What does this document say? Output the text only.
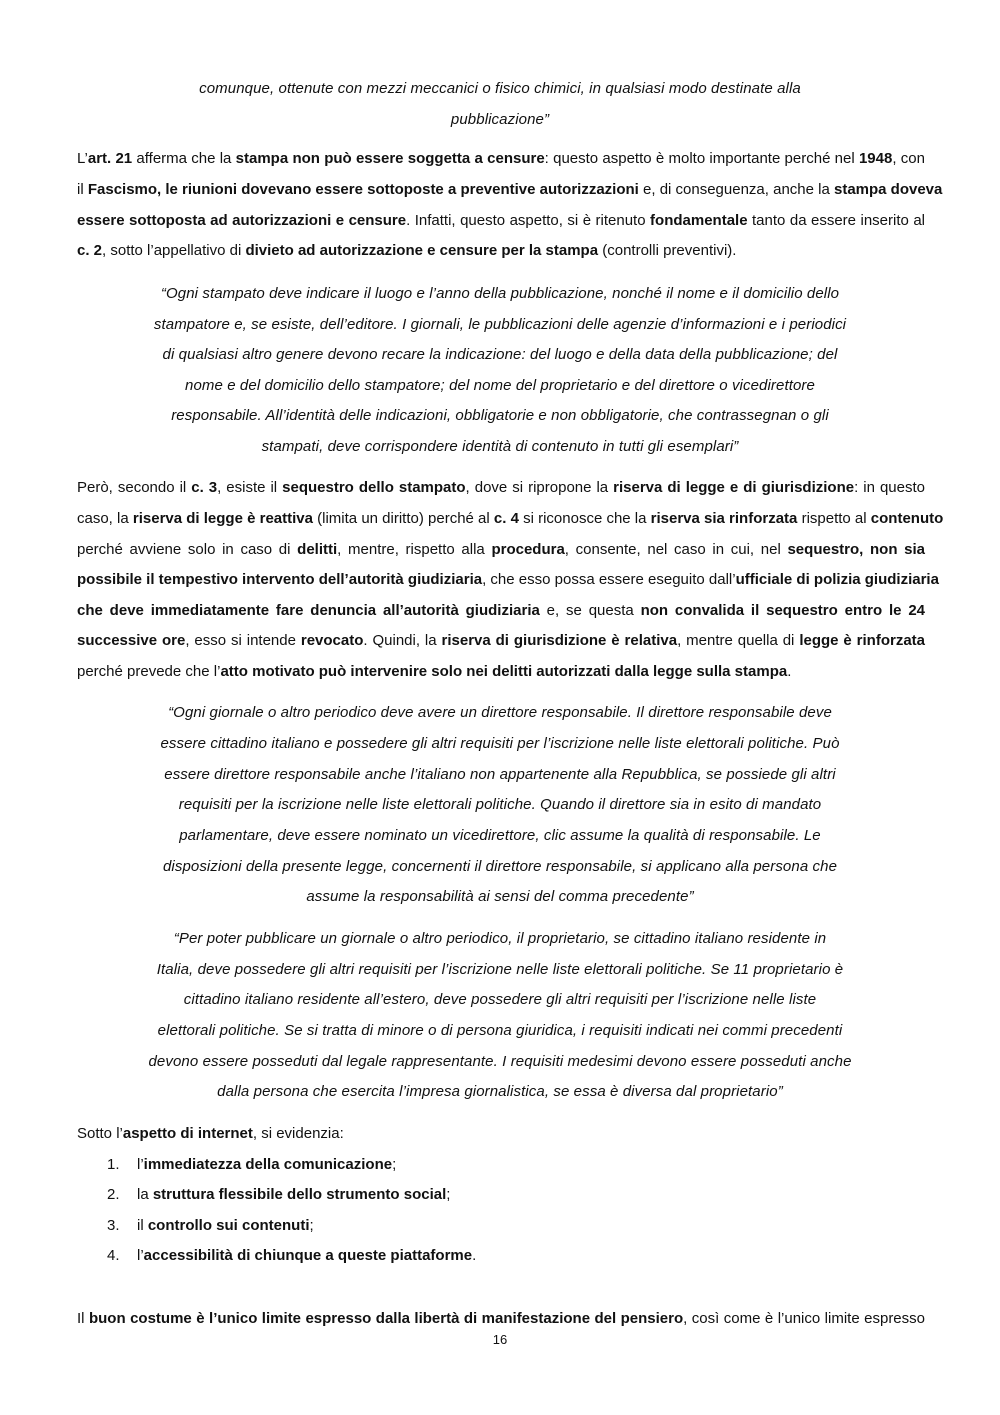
comunque, ottenute con mezzi meccanici o fisico chimici, in qualsiasi modo destinate alla
pubblicazione”
L’art. 21 afferma che la stampa non può essere soggetta a censure: questo aspetto è molto importante perché nel 1948, con
il Fascismo, le riunioni dovevano essere sottoposte a preventive autorizzazioni e, di conseguenza, anche la stampa doveva
essere sottoposta ad autorizzazioni e censure. Infatti, questo aspetto, si è ritenuto fondamentale tanto da essere inserito al
c. 2, sotto l’appellativo di divieto ad autorizzazione e censure per la stampa (controlli preventivi).
“Ogni stampato deve indicare il luogo e l’anno della pubblicazione, nonché il nome e il domicilio dello
stampatore e, se esiste, dell’editore. I giornali, le pubblicazioni delle agenzie d’informazioni e i periodici
di qualsiasi altro genere devono recare la indicazione: del luogo e della data della pubblicazione; del
nome e del domicilio dello stampatore; del nome del proprietario e del direttore o vicedirettore
responsabile. All’identità delle indicazioni, obbligatorie e non obbligatorie, che contrassegnan o gli
stampati, deve corrispondere identità di contenuto in tutti gli esemplari”
Però, secondo il c. 3, esiste il sequestro dello stampato, dove si ripropone la riserva di legge e di giurisdizione: in questo
caso, la riserva di legge è reattiva (limita un diritto) perché al c. 4 si riconosce che la riserva sia rinforzata rispetto al contenuto
perché avviene solo in caso di delitti, mentre, rispetto alla procedura, consente, nel caso in cui, nel sequestro, non sia
possibile il tempestivo intervento dell’autorità giudiziaria, che esso possa essere eseguito dall’ufficiale di polizia giudiziaria
che deve immediatamente fare denuncia all’autorità giudiziaria e, se questa non convalida il sequestro entro le 24
successive ore, esso si intende revocato. Quindi, la riserva di giurisdizione è relativa, mentre quella di legge è rinforzata
perché prevede che l’atto motivato può intervenire solo nei delitti autorizzati dalla legge sulla stampa.
“Ogni giornale o altro periodico deve avere un direttore responsabile. Il direttore responsabile deve
essere cittadino italiano e possedere gli altri requisiti per l’iscrizione nelle liste elettorali politiche. Può
essere direttore responsabile anche l’italiano non appartenente alla Repubblica, se possiede gli altri
requisiti per la iscrizione nelle liste elettorali politiche. Quando il direttore sia in esito di mandato
parlamentare, deve essere nominato un vicedirettore, clic assume la qualità di responsabile. Le
disposizioni della presente legge, concernenti il direttore responsabile, si applicano alla persona che
assume la responsabilità ai sensi del comma precedente”
“Per poter pubblicare un giornale o altro periodico, il proprietario, se cittadino italiano residente in
Italia, deve possedere gli altri requisiti per l’iscrizione nelle liste elettorali politiche. Se 11 proprietario è
cittadino italiano residente all’estero, deve possedere gli altri requisiti per l’iscrizione nelle liste
elettorali politiche. Se si tratta di minore o di persona giuridica, i requisiti indicati nei commi precedenti
devono essere posseduti dal legale rappresentante. I requisiti medesimi devono essere posseduti anche
dalla persona che esercita l’impresa giornalistica, se essa è diversa dal proprietario”
Sotto l’aspetto di internet, si evidenzia:
1. l’immediatezza della comunicazione;
2. la struttura flessibile dello strumento social;
3. il controllo sui contenuti;
4. l’accessibilità di chiunque a queste piattaforme.
Il buon costume è l’unico limite espresso dalla libertà di manifestazione del pensiero, così come è l’unico limite espresso
16
